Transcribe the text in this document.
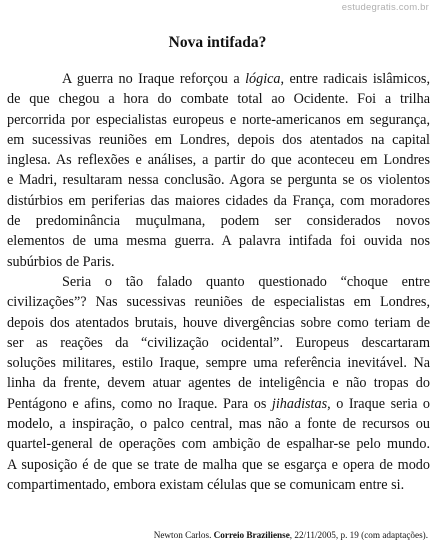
estudegratis.com.br
Nova intifada?
A guerra no Iraque reforçou a lógica, entre radicais islâmicos,
de que chegou a hora do combate total ao Ocidente. Foi a trilha
percorrida por especialistas europeus e norte-americanos em segurança,
em sucessivas reuniões em Londres, depois dos atentados na capital
inglesa. As reflexões e análises, a partir do que aconteceu em Londres
e Madri, resultaram nessa conclusão. Agora se pergunta se os violentos
distúrbios em periferias das maiores cidades da França, com moradores
de predominância muçulmana, podem ser considerados novos
elementos de uma mesma guerra. A palavra intifada foi ouvida nos
subúrbios de Paris.
Seria o tão falado quanto questionado “choque entre
civilizações”? Nas sucessivas reuniões de especialistas em Londres,
depois dos atentados brutais, houve divergências sobre como teriam de
ser as reações da “civilização ocidental”. Europeus descartaram
soluções militares, estilo Iraque, sempre uma referência inevitável. Na
linha da frente, devem atuar agentes de inteligência e não tropas do
Pentágono e afins, como no Iraque. Para os jihadistas, o Iraque seria o
modelo, a inspiração, o palco central, mas não a fonte de recursos ou
quartel-general de operações com ambição de espalhar-se pelo mundo.
A suposição é de que se trate de malha que se esgarça e opera de modo
compartimentado, embora existam células que se comunicam entre si.
Newton Carlos. Correio Braziliense, 22/11/2005, p. 19 (com adaptações).
